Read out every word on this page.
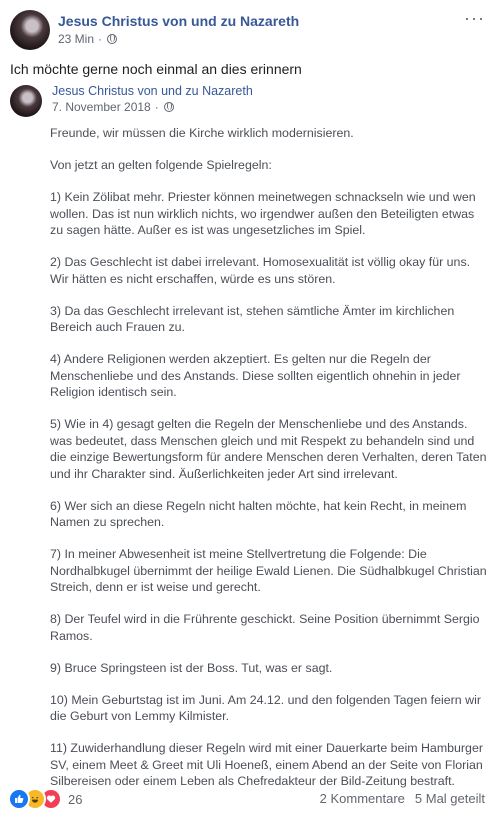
Jesus Christus von und zu Nazareth
23 Min ·
···
Ich möchte gerne noch einmal an dies erinnern
Jesus Christus von und zu Nazareth
7. November 2018 ·

Freunde, wir müssen die Kirche wirklich modernisieren.

Von jetzt an gelten folgende Spielregeln:

1) Kein Zölibat mehr. Priester können meinetwegen schnackseln wie und wen wollen. Das ist nun wirklich nichts, wo irgendwer außen den Beteiligten etwas zu sagen hätte. Außer es ist was ungesetzliches im Spiel.

2) Das Geschlecht ist dabei irrelevant. Homosexualität ist völlig okay für uns. Wir hätten es nicht erschaffen, würde es uns stören.

3) Da das Geschlecht irrelevant ist, stehen sämtliche Ämter im kirchlichen Bereich auch Frauen zu.

4) Andere Religionen werden akzeptiert. Es gelten nur die Regeln der Menschenliebe und des Anstands. Diese sollten eigentlich ohnehin in jeder Religion identisch sein.

5) Wie in 4) gesagt gelten die Regeln der Menschenliebe und des Anstands. was bedeutet, dass Menschen gleich und mit Respekt zu behandeln sind und die einzige Bewertungsform für andere Menschen deren Verhalten, deren Taten und ihr Charakter sind. Äußerlichkeiten jeder Art sind irrelevant.

6) Wer sich an diese Regeln nicht halten möchte, hat kein Recht, in meinem Namen zu sprechen.

7) In meiner Abwesenheit ist meine Stellvertretung die Folgende: Die Nordhalbkugel übernimmt der heilige Ewald Lienen. Die Südhalbkugel Christian Streich, denn er ist weise und gerecht.

8) Der Teufel wird in die Frührente geschickt. Seine Position übernimmt Sergio Ramos.

9) Bruce Springsteen ist der Boss. Tut, was er sagt.

10) Mein Geburtstag ist im Juni. Am 24.12. und den folgenden Tagen feiern wir die Geburt von Lemmy Kilmister.

11) Zuwiderhandlung dieser Regeln wird mit einer Dauerkarte beim Hamburger SV, einem Meet & Greet mit Uli Hoeneß, einem Abend an der Seite von Florian Silbereisen oder einem Leben als Chefredakteur der Bild-Zeitung bestraft.

26	2 Kommentare 5 Mal geteilt
